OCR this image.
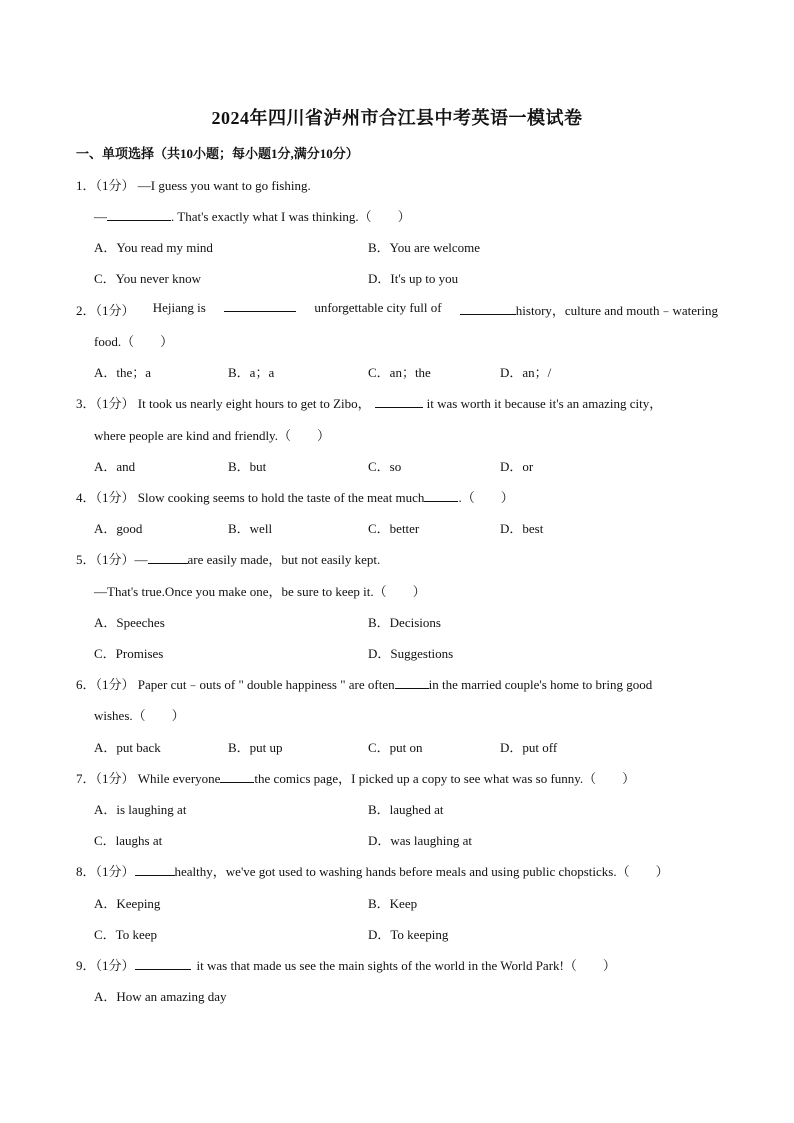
2024年四川省泸州市合江县中考英语一模试卷
一、单项选择（共10小题；每小题1分,满分10分）
1．（1分） —I guess you want to go fishing.
—	. That's exactly what I was thinking.（　　）
A．You read my mind	B．You are welcome
C．You never know	D．It's up to you
2．（1分） Hejiang is	unforgettable city full of	history，culture and mouth﹣watering
food.（　　）
A．the；a	B．a；a	C．an；the	D．an；/
3．（1分） It took us nearly eight hours to get to Zibo，	it was worth it because it's an amazing city，
where people are kind and friendly.（　　）
A．and	B．but	C．so	D．or
4．（1分） Slow cooking seems to hold the taste of the meat much	.（　　）
A．good	B．well	C．better	D．best
5．（1分）—	are easily made，but not easily kept.
—That's true.Once you make one，be sure to keep it.（　　）
A．Speeches	B．Decisions
C．Promises	D．Suggestions
6．（1分） Paper cut﹣outs of " double happiness " are often	in the married couple's home to bring good
wishes.（　　）
A．put back	B．put up	C．put on	D．put off
7．（1分） While everyone	the comics page，I picked up a copy to see what was so funny.（　　）
A．is laughing at	B．laughed at
C．laughs at	D．was laughing at
8．（1分）	healthy，we've got used to washing hands before meals and using public chopsticks.（　　）
A．Keeping	B．Keep
C．To keep	D．To keeping
9．（1分）	it was that made us see the main sights of the world in the World Park!（　　）
A．How an amazing day
